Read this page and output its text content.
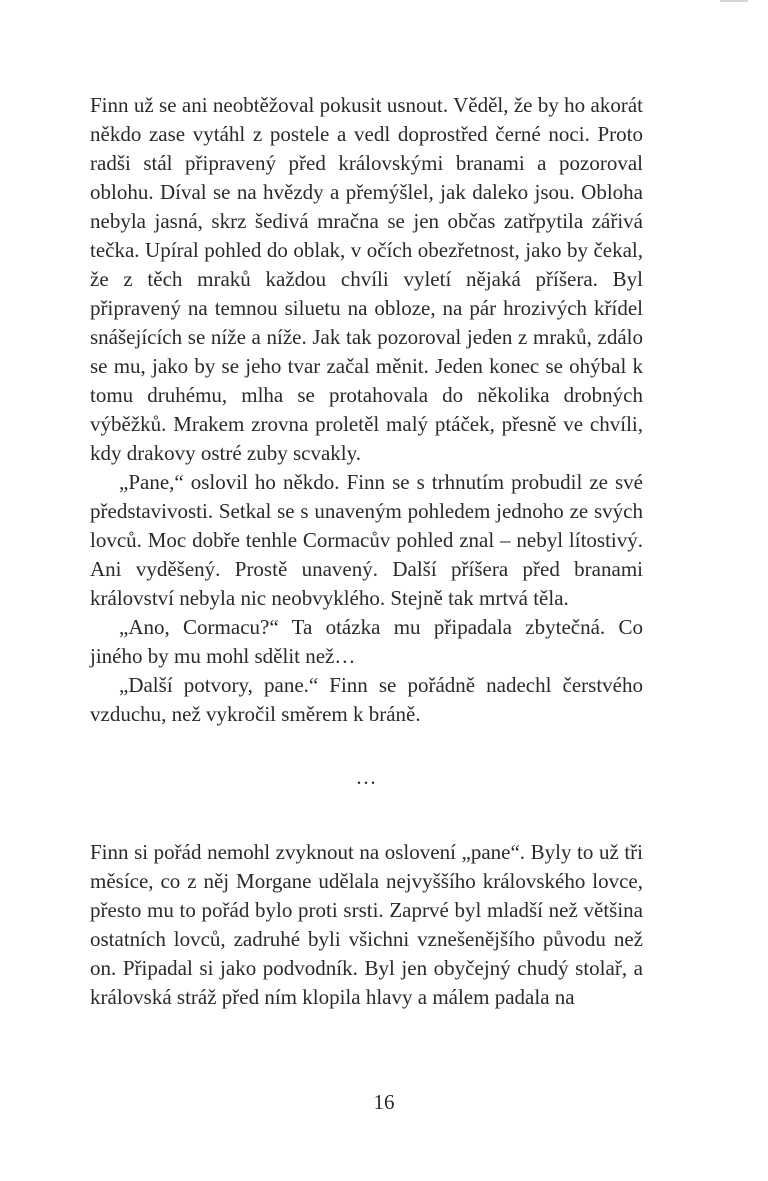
Finn už se ani neobtěžoval pokusit usnout. Věděl, že by ho akorát někdo zase vytáhl z postele a vedl doprostřed černé noci. Proto radši stál připravený před královskými branami a pozoroval oblohu. Díval se na hvězdy a přemýšlel, jak daleko jsou. Obloha nebyla jasná, skrz šedivá mračna se jen občas zatřpytila zářivá tečka. Upíral pohled do oblak, v očích obezřetnost, jako by čekal, že z těch mraků každou chvíli vyletí nějaká příšera. Byl připravený na temnou siluetu na obloze, na pár hrozivých křídel snášejících se níže a níže. Jak tak pozoroval jeden z mraků, zdálo se mu, jako by se jeho tvar začal měnit. Jeden konec se ohýbal k tomu druhému, mlha se protahovala do několika drobných výběžků. Mrakem zrovna proletěl malý ptáček, přesně ve chvíli, kdy drakovy ostré zuby scvakly.

„Pane,“ oslovil ho někdo. Finn se s trhnutím probudil ze své představivosti. Setkal se s unaveným pohledem jednoho ze svých lovců. Moc dobře tenhle Cormacův pohled znal – nebyl lítostivý. Ani vyděšený. Prostě unavený. Další příšera před branami království nebyla nic neobvyklého. Stejně tak mrtvá těla.

„Ano, Cormacu?“ Ta otázka mu připadala zbytečná. Co jiného by mu mohl sdělit než…

„Další potvory, pane.“ Finn se pořádně nadechl čerstvého vzduchu, než vykročil směrem k bráně.

…

Finn si pořád nemohl zvyknout na oslovení „pane“. Byly to už tři měsíce, co z něj Morgane udělala nejvyššího královského lovce, přesto mu to pořád bylo proti srsti. Zaprvé byl mladší než většina ostatních lovců, zadruhé byli všichni vznešenějšího původu než on. Připadal si jako podvodník. Byl jen obyčejný chudý stolař, a královská stráž před ním klopila hlavy a málem padala na

16
